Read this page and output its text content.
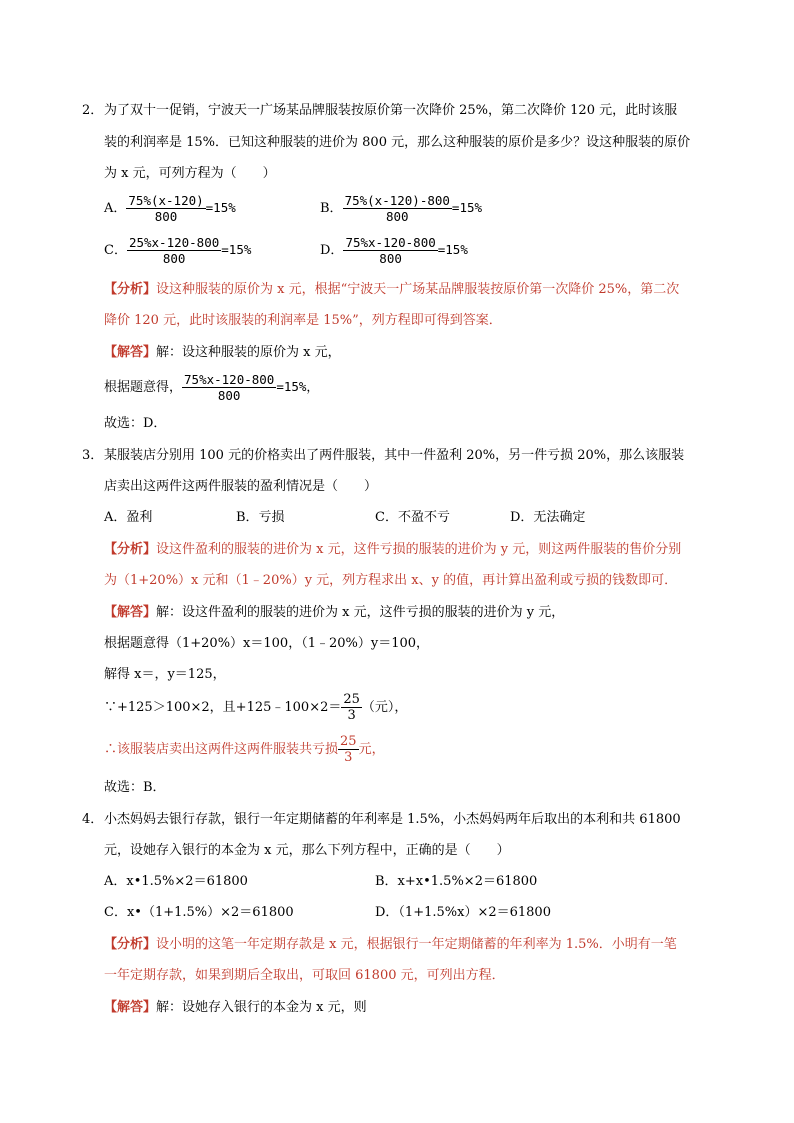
2． 为了双十一促销，宁波天一广场某品牌服装按原价第一次降价 25%，第二次降价 120 元，此时该服
装的利润率是 15%．已知这种服装的进价为 800 元，那么这种服装的原价是多少？设这种服装的原价
为 x 元，可列方程为（　　）
A． $\frac{75\%(x-120)}{800} =15\%$	B． $\frac{75\%(x-120)-800}{800} =15\%$
C． $\frac{25\%x-120-800}{800} =15\%$	D． $\frac{75\%x-120-800}{800} =15\%$
【分析】设这种服装的原价为 x 元，根据“宁波天一广场某品牌服装按原价第一次降价 25%，第二次
降价 120 元，此时该服装的利润率是 15%”，列方程即可得到答案．
【解答】解：设这种服装的原价为 x 元，
根据题意得， $\frac{75\%x-120-800}{800} =15\%$，
故选：D．
3． 某服装店分别用 100 元的价格卖出了两件服装，其中一件盈利 20%，另一件亏损 20%，那么该服装
店卖出这两件这两件服装的盈利情况是（　　）
A．盈利	B．亏损	C．不盈不亏	D．无法确定
【分析】设这件盈利的服装的进价为 x 元，这件亏损的服装的进价为 y 元，则这两件服装的售价分别
为（1+20%）x 元和（1﹣20%）y 元，列方程求出 x、y 的值，再计算出盈利或亏损的钱数即可．
【解答】解：设这件盈利的服装的进价为 x 元，这件亏损的服装的进价为 y 元，
根据题意得（1+20%）x＝100，（1﹣20%）y＝100，
解得 x＝，y＝125，
∵+125＞100×2，且+125﹣100×2＝ $\frac{25}{3}$ （元），
∴该服装店卖出这两件这两件服装共亏损 $\frac{25}{3}$ 元，
故选：B．
4． 小杰妈妈去银行存款，银行一年定期储蓄的年利率是 1.5%，小杰妈妈两年后取出的本利和共 61800
元，设她存入银行的本金为 x 元，那么下列方程中，正确的是（　　）
A．x•1.5%×2＝61800	B．x+x•1.5%×2＝61800
C．x•（1+1.5%）×2＝61800	D．（1+1.5%x）×2＝61800
【分析】设小明的这笔一年定期存款是 x 元，根据银行一年定期储蓄的年利率为 1.5%．小明有一笔
一年定期存款，如果到期后全取出，可取回 61800 元，可列出方程．
【解答】解：设她存入银行的本金为 x 元，则
